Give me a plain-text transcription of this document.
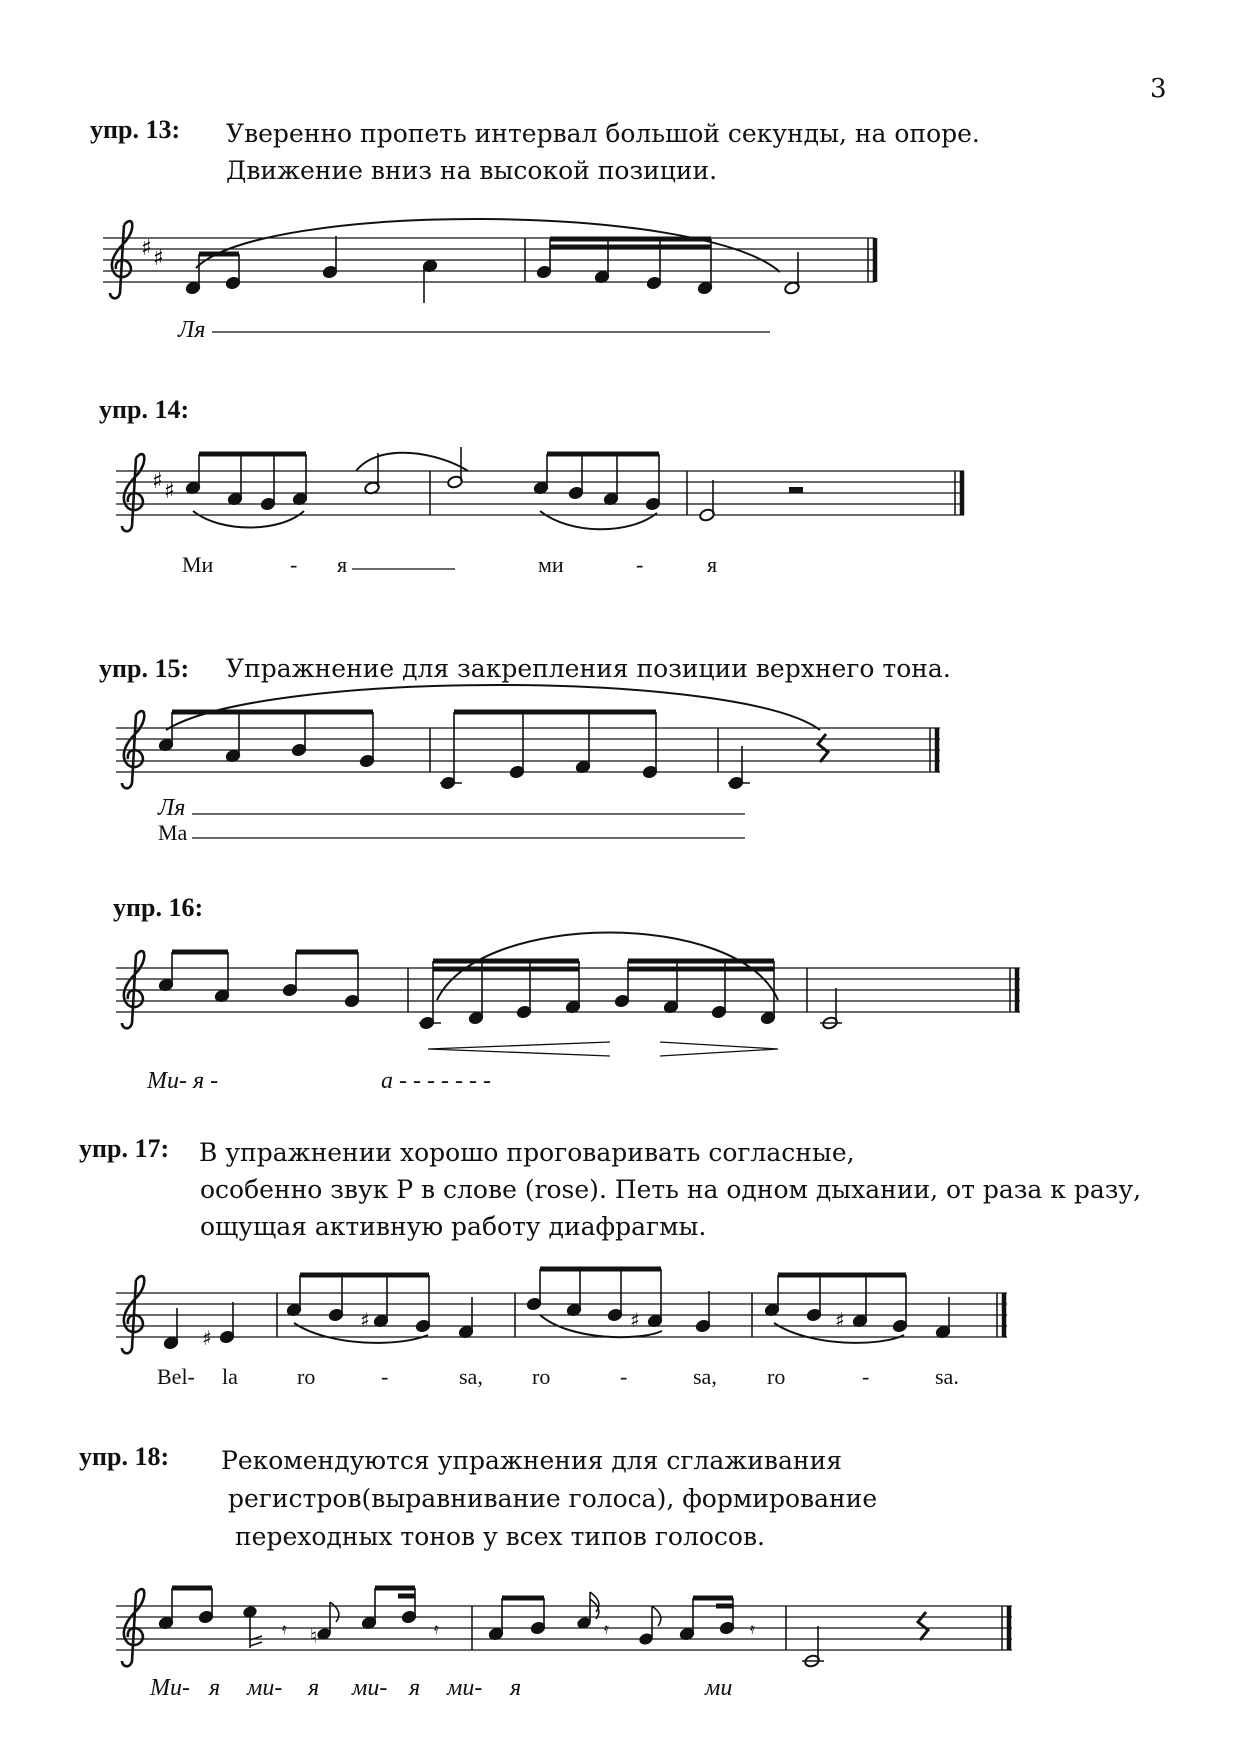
3
упр. 13: Уверенно пропеть интервал большой секунды, на опоре.
Движение вниз на высокой позиции.
♯ ♯
Ля
упр. 14:
♯ ♯
Ми	- я	ми	-	я
упр. 15: Упражнение для закрепления позиции верхнего тона.
Ля
Ма
упр. 16:
Ми- я -	а - - - - - - -
упр. 17: В упражнении хорошо проговаривать согласные,
особенно звук Р в слове (rose). Петь на одном дыхании, от раза к разу,
ощущая активную работу диафрагмы.
♯
♯	♯	♯
Bel- la	ro	-	sa, ro	-	sa, ro	-	sa.
упр. 18: Рекомендуются упражнения для сглаживания
регистров(выравнивание голоса), формирование
переходных тонов у всех типов голосов.
𝄿 ♮	𝄿	𝄿	𝄿
Ми- я ми- я ми- я ми- я	ми
